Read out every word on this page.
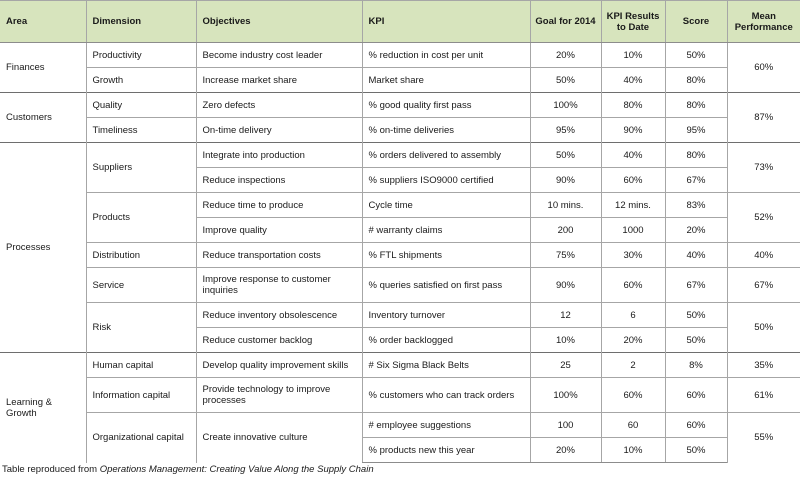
Area	Dimension	Objectives	KPI	Goal for 2014	KPI Results to Date	Score	Mean Performance
Finances	Productivity	Become industry cost leader	% reduction in cost per unit	20%	10%	50%	60%
	Growth	Increase market share	Market share	50%	40%	80%	
Customers	Quality	Zero defects	% good quality first pass	100%	80%	80%	87%
	Timeliness	On-time delivery	% on-time deliveries	95%	90%	95%	
Processes	Suppliers	Integrate into production	% orders delivered to assembly	50%	40%	80%	73%
		Reduce inspections	% suppliers ISO9000 certified	90%	60%	67%	
	Products	Reduce time to produce	Cycle time	10 mins.	12 mins.	83%	52%
		Improve quality	# warranty claims	200	1000	20%	
	Distribution	Reduce transportation costs	% FTL shipments	75%	30%	40%	40%
	Service	Improve response to customer inquiries	% queries satisfied on first pass	90%	60%	67%	67%
	Risk	Reduce inventory obsolescence	Inventory turnover	12	6	50%	50%
		Reduce customer backlog	% order backlogged	10%	20%	50%	
Learning & Growth	Human capital	Develop quality improvement skills	# Six Sigma Black Belts	25	2	8%	35%
	Information capital	Provide technology to improve processes	% customers who can track orders	100%	60%	60%	61%
	Organizational capital	Create innovative culture	# employee suggestions	100	60	60%	55%
			% products new this year	20%	10%	50%	
Table reproduced from Operations Management: Creating Value Along the Supply Chain
